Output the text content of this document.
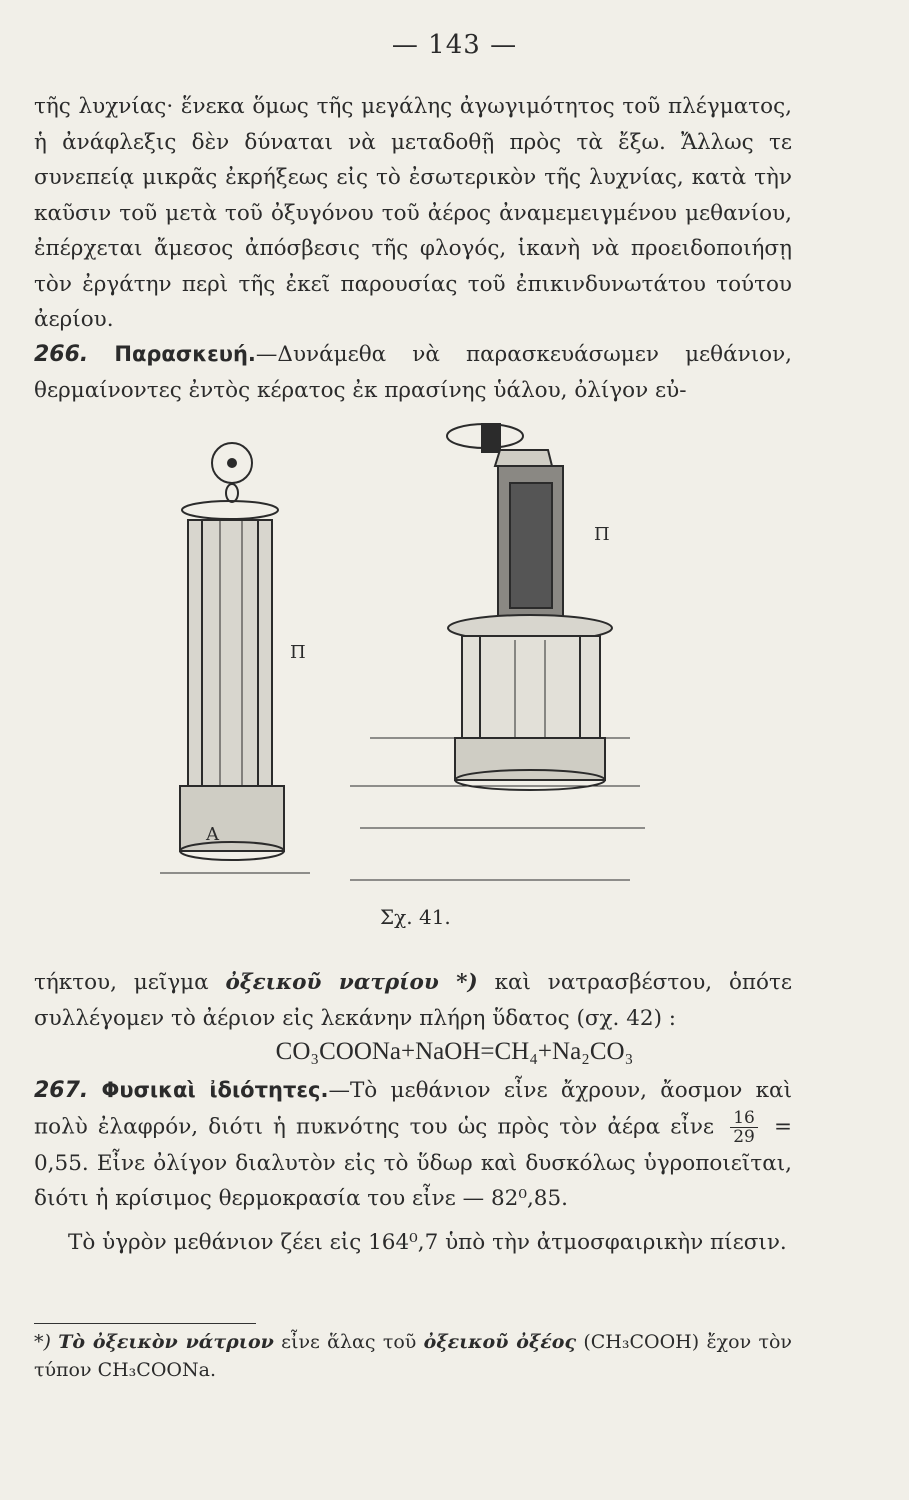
— 143 —
τῆς λυχνίας· ἕνεκα ὅμως τῆς μεγάλης ἀγωγιμότητος τοῦ πλέγματος, ἡ ἀνάφλεξις δὲν δύναται νὰ μεταδοθῇ πρὸς τὰ ἔξω. Ἄλλως τε συνεπείᾳ μικρᾶς ἐκρήξεως εἰς τὸ ἐσωτερικὸν τῆς λυχνίας, κατὰ τὴν καῦσιν τοῦ μετὰ τοῦ ὀξυγόνου τοῦ ἀέρος ἀναμεμειγμένου μεθανίου, ἐπέρχεται ἄμεσος ἀπόσβεσις τῆς φλογός, ἱκανὴ νὰ προειδοποιήσῃ τὸν ἐργάτην περὶ τῆς ἐκεῖ παρουσίας τοῦ ἐπικινδυνωτάτου τούτου ἀερίου.
266. Παρασκευή.—Δυνάμεθα νὰ παρασκευάσωμεν μεθάνιον, θερμαίνοντες ἐντὸς κέρατος ἐκ πρασίνης ὑάλου, ὀλίγον εὐ-
Π
Α
Π
Σχ. 41.
τήκτου, μεῖγμα ὀξεικοῦ νατρίου *) καὶ νατρασβέστου, ὁπότε συλλέγομεν τὸ ἀέριον εἰς λεκάνην πλήρη ὕδατος (σχ. 42) :
CO₃COONa+NaOH=CH₄+Na₂CO₃
267. Φυσικαὶ ἰδιότητες.—Τὸ μεθάνιον εἶνε ἄχρουν, ἄοσμον καὶ πολὺ ἐλαφρόν, διότι ἡ πυκνότης του ὡς πρὸς τὸν ἀέρα εἶνε $\frac{16}{29} = 0,55$. Εἶνε ὀλίγον διαλυτὸν εἰς τὸ ὕδωρ καὶ δυσκόλως ὑγροποιεῖται, διότι ἡ κρίσιμος θερμοκρασία του εἶνε — 82⁰,85.
Τὸ ὑγρὸν μεθάνιον ζέει εἰς 164⁰,7 ὑπὸ τὴν ἀτμοσφαιρικὴν πίεσιν.
*) Τὸ ὀξεικὸν νάτριον εἶνε ἅλας τοῦ ὀξεικοῦ ὀξέος (CH₃COOH) ἔχον τὸν τύπον CH₃COONa.
